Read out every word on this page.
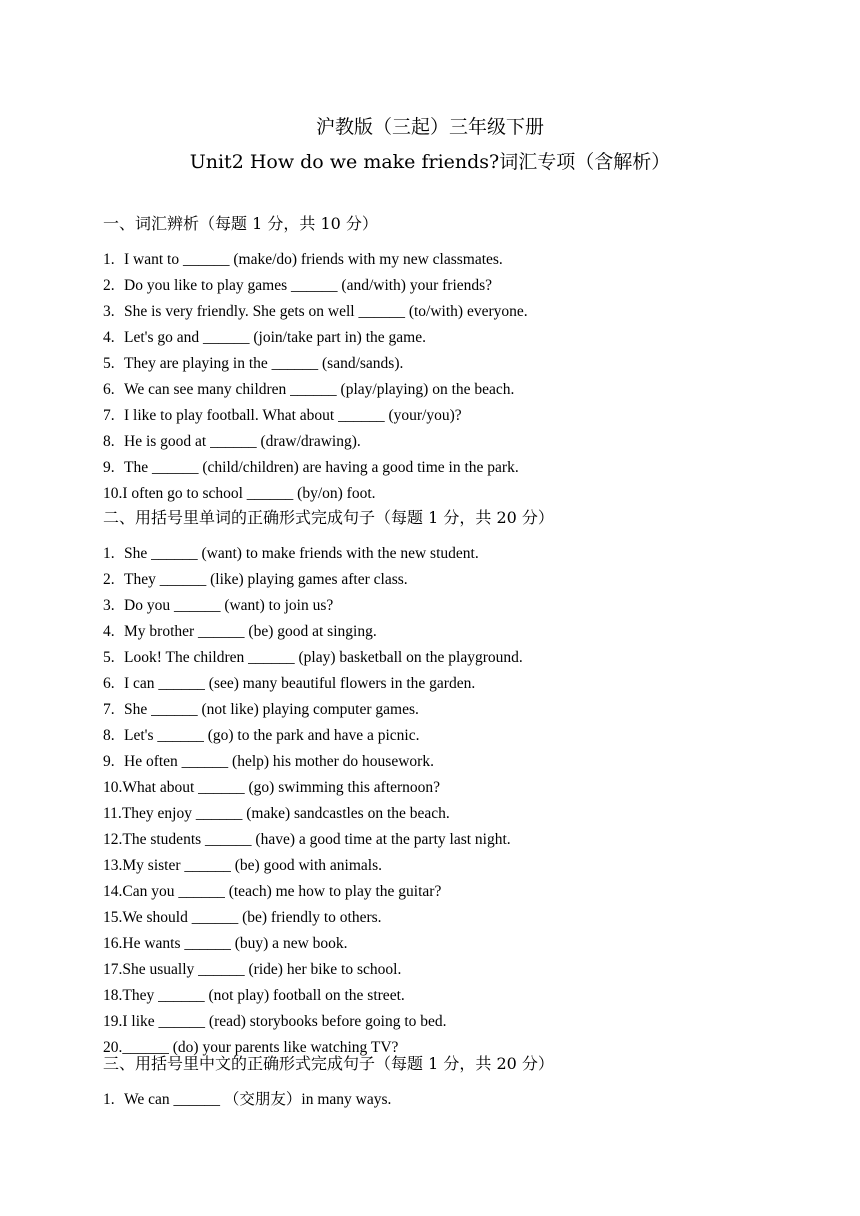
沪教版（三起）三年级下册
Unit2 How do we make friends?词汇专项（含解析）
一、词汇辨析（每题 1 分，共 10 分）
1. I want to ______ (make/do) friends with my new classmates.
2. Do you like to play games ______ (and/with) your friends?
3. She is very friendly. She gets on well ______ (to/with) everyone.
4. Let's go and ______ (join/take part in) the game.
5. They are playing in the ______ (sand/sands).
6. We can see many children ______ (play/playing) on the beach.
7. I like to play football. What about ______ (your/you)?
8. He is good at ______ (draw/drawing).
9. The ______ (child/children) are having a good time in the park.
10.I often go to school ______ (by/on) foot.
二、用括号里单词的正确形式完成句子（每题 1 分，共 20 分）
1. She ______ (want) to make friends with the new student.
2. They ______ (like) playing games after class.
3. Do you ______ (want) to join us?
4. My brother ______ (be) good at singing.
5. Look! The children ______ (play) basketball on the playground.
6. I can ______ (see) many beautiful flowers in the garden.
7. She ______ (not like) playing computer games.
8. Let's ______ (go) to the park and have a picnic.
9. He often ______ (help) his mother do housework.
10.What about ______ (go) swimming this afternoon?
11.They enjoy ______ (make) sandcastles on the beach.
12.The students ______ (have) a good time at the party last night.
13.My sister ______ (be) good with animals.
14.Can you ______ (teach) me how to play the guitar?
15.We should ______ (be) friendly to others.
16.He wants ______ (buy) a new book.
17.She usually ______ (ride) her bike to school.
18.They ______ (not play) football on the street.
19.I like ______ (read) storybooks before going to bed.
20.______ (do) your parents like watching TV?
三、用括号里中文的正确形式完成句子（每题 1 分，共 20 分）
1. We can ______ （交朋友）in many ways.
